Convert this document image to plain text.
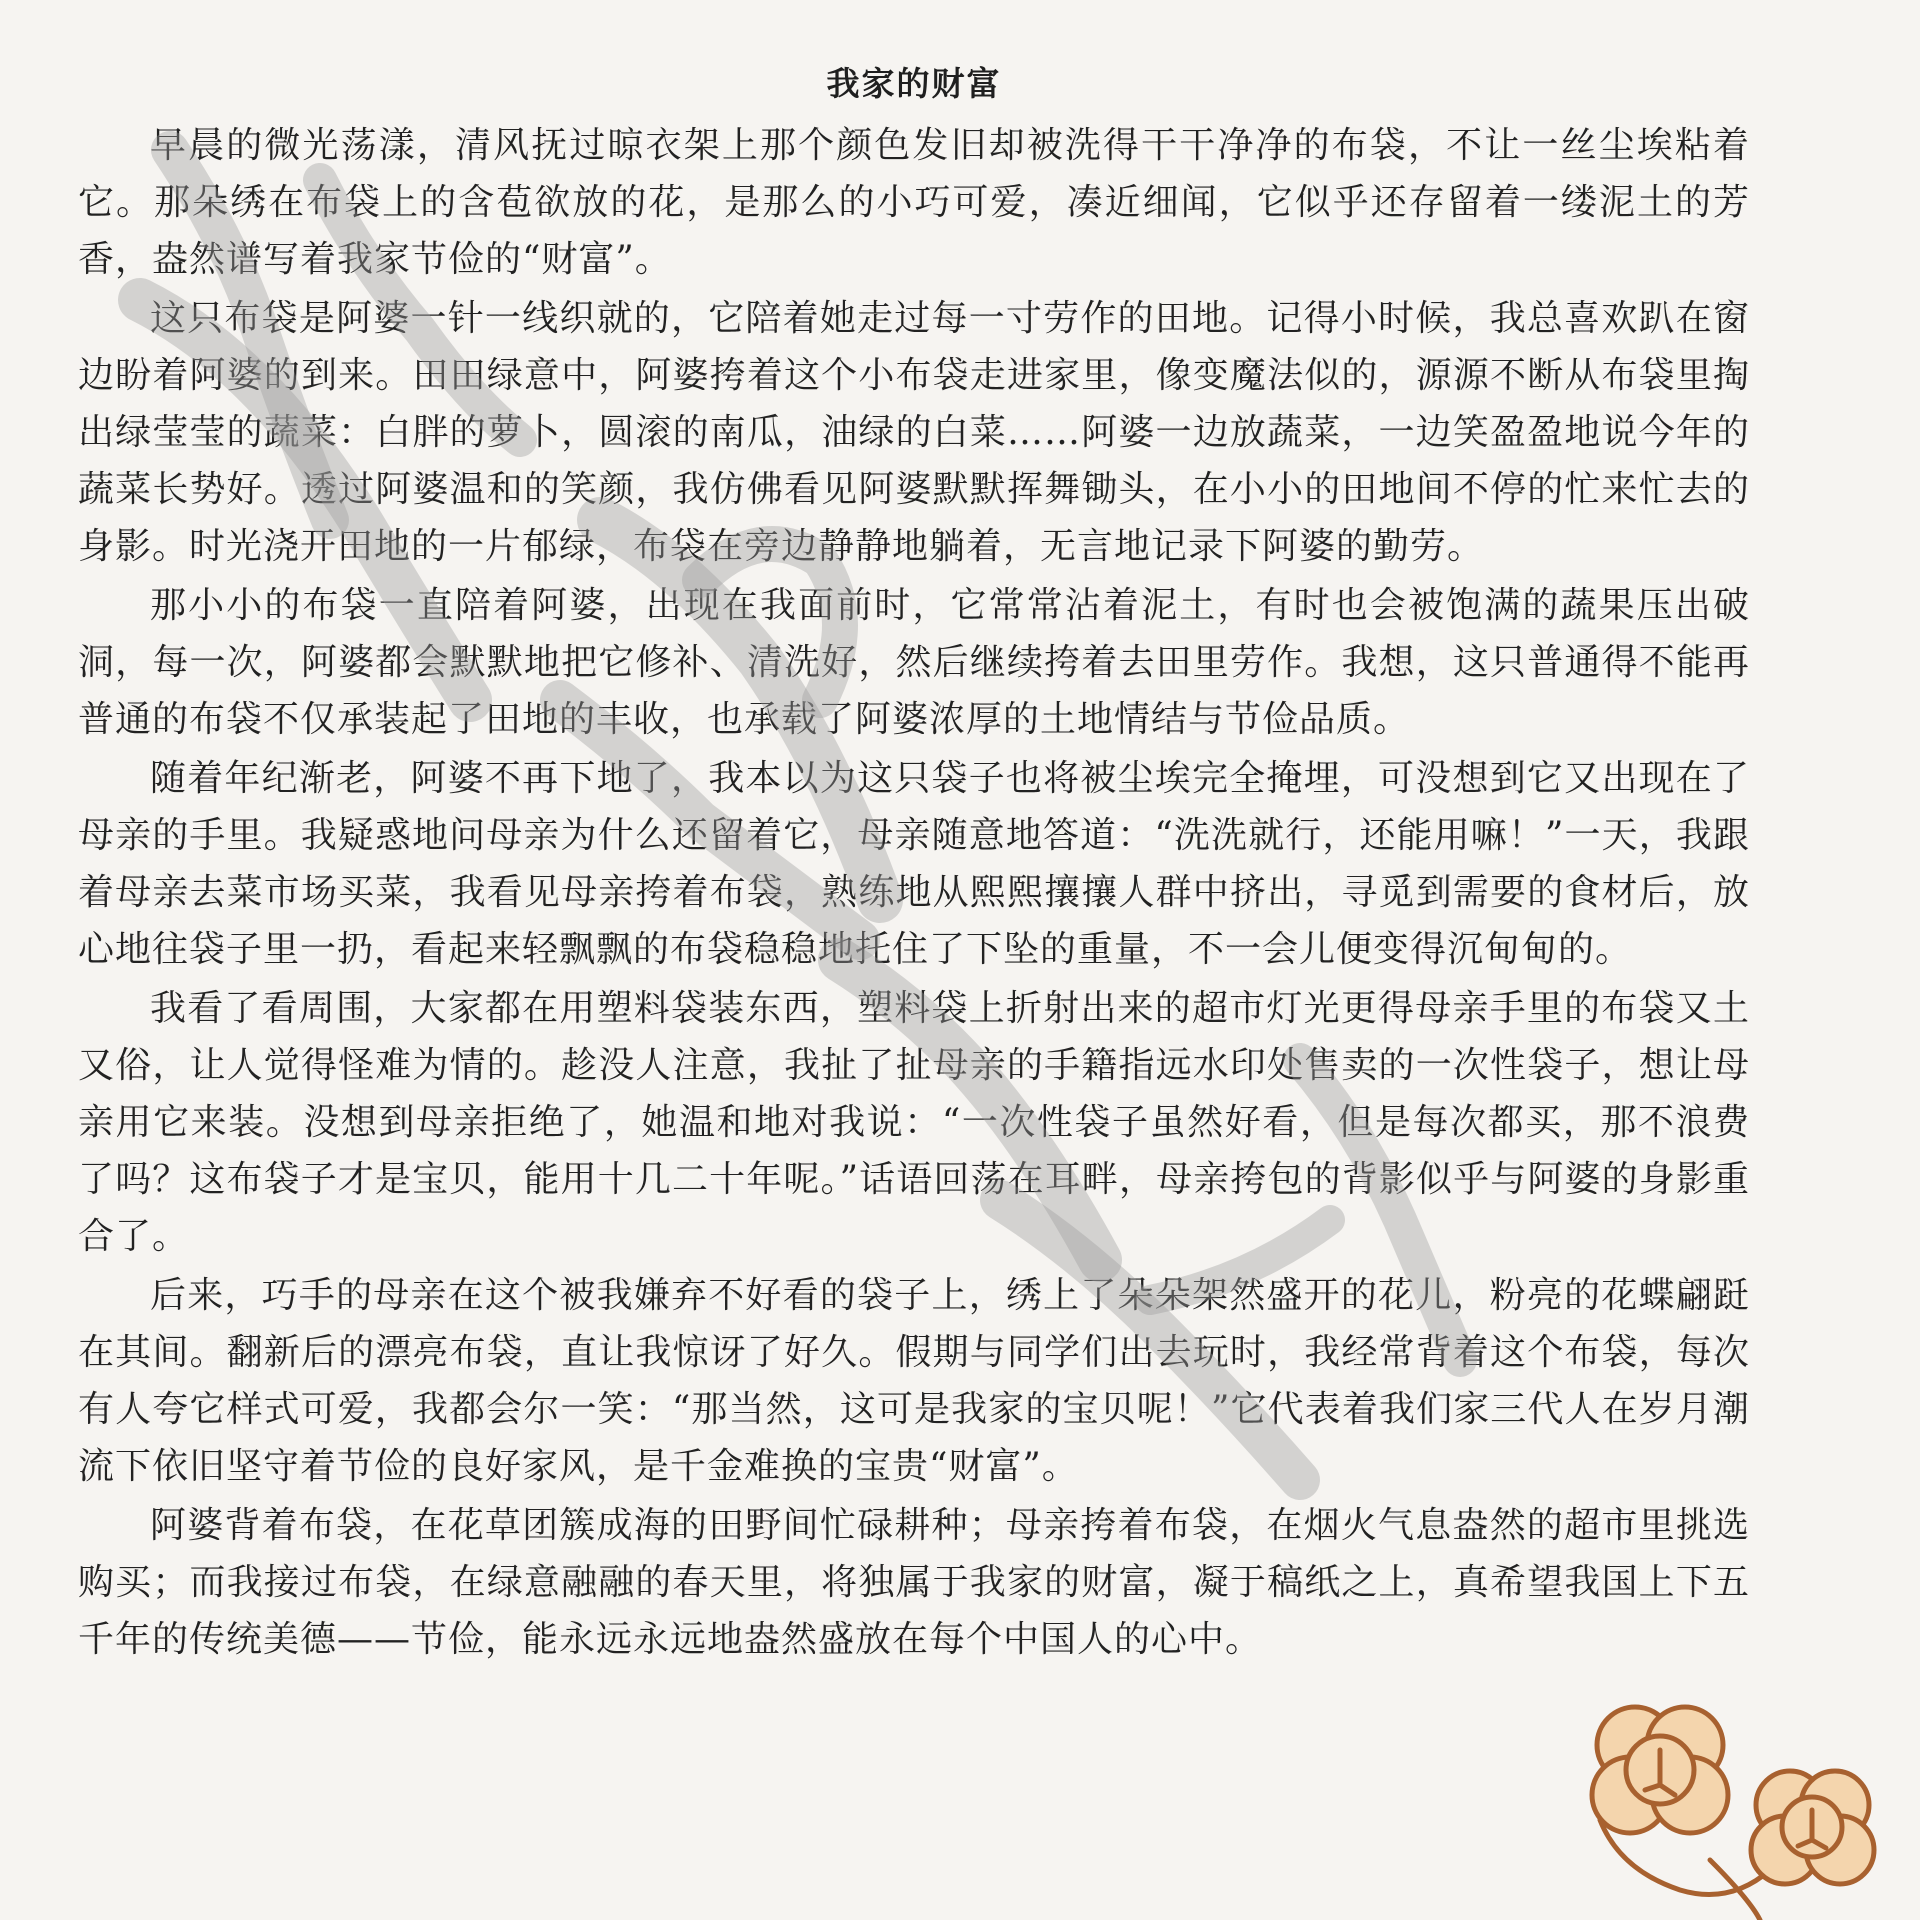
我家的财富

早晨的微光荡漾，清风抚过晾衣架上那个颜色发旧却被洗得干干净净的布袋，不让一丝尘埃粘着它。那朵绣在布袋上的含苞欲放的花，是那么的小巧可爱，凑近细闻，它似乎还存留着一缕泥土的芳香，盎然谱写着我家节俭的“财富”。

这只布袋是阿婆一针一线织就的，它陪着她走过每一寸劳作的田地。记得小时候，我总喜欢趴在窗边盼着阿婆的到来。田田绿意中，阿婆挎着这个小布袋走进家里，像变魔法似的，源源不断从布袋里掏出绿莹莹的蔬菜：白胖的萝卜，圆滚的南瓜，油绿的白菜……阿婆一边放蔬菜，一边笑盈盈地说今年的蔬菜长势好。透过阿婆温和的笑颜，我仿佛看见阿婆默默挥舞锄头，在小小的田地间不停的忙来忙去的身影。时光浇开田地的一片郁绿，布袋在旁边静静地躺着，无言地记录下阿婆的勤劳。

那小小的布袋一直陪着阿婆，出现在我面前时，它常常沾着泥土，有时也会被饱满的蔬果压出破洞，每一次，阿婆都会默默地把它修补、清洗好，然后继续挎着去田里劳作。我想，这只普通得不能再普通的布袋不仅承装起了田地的丰收，也承载了阿婆浓厚的土地情结与节俭品质。

随着年纪渐老，阿婆不再下地了，我本以为这只袋子也将被尘埃完全掩埋，可没想到它又出现在了母亲的手里。我疑惑地问母亲为什么还留着它，母亲随意地答道：“洗洗就行，还能用嘛！”一天，我跟着母亲去菜市场买菜，我看见母亲挎着布袋，熟练地从熙熙攘攘人群中挤出，寻觅到需要的食材后，放心地往袋子里一扔，看起来轻飘飘的布袋稳稳地托住了下坠的重量，不一会儿便变得沉甸甸的。

我看了看周围，大家都在用塑料袋装东西，塑料袋上折射出来的超市灯光更得母亲手里的布袋又土又俗，让人觉得怪难为情的。趁没人注意，我扯了扯母亲的手籍指远水印处售卖的一次性袋子，想让母亲用它来装。没想到母亲拒绝了，她温和地对我说：“一次性袋子虽然好看，但是每次都买，那不浪费了吗？这布袋子才是宝贝，能用十几二十年呢。”话语回荡在耳畔，母亲挎包的背影似乎与阿婆的身影重合了。

后来，巧手的母亲在这个被我嫌弃不好看的袋子上，绣上了朵朵架然盛开的花儿，粉亮的花蝶翩跹在其间。翻新后的漂亮布袋，直让我惊讶了好久。假期与同学们出去玩时，我经常背着这个布袋，每次有人夸它样式可爱，我都会尔一笑：“那当然，这可是我家的宝贝呢！”它代表着我们家三代人在岁月潮流下依旧坚守着节俭的良好家风，是千金难换的宝贵“财富”。

阿婆背着布袋，在花草团簇成海的田野间忙碌耕种；母亲挎着布袋，在烟火气息盎然的超市里挑选购买；而我接过布袋，在绿意融融的春天里，将独属于我家的财富，凝于稿纸之上，真希望我国上下五千年的传统美德——节俭，能永远永远地盎然盛放在每个中国人的心中。
